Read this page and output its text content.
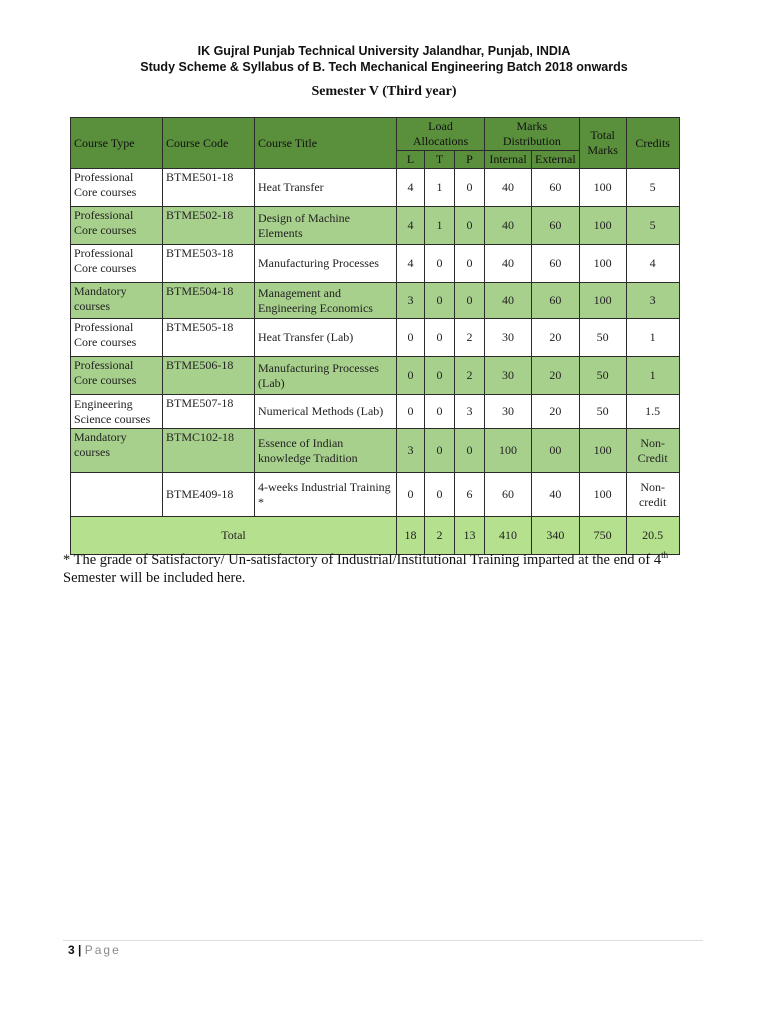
IK Gujral Punjab Technical University Jalandhar, Punjab, INDIA
Study Scheme & Syllabus of B. Tech Mechanical Engineering Batch 2018 onwards
Semester V (Third year)
Course Type	Course Code	Course Title	Load Allocations			Marks Distribution		Total Marks	Credits
			L	T	P	Internal	External		
Professional Core courses	BTME501-18	Heat Transfer	4	1	0	40	60	100	5
Professional Core courses	BTME502-18	Design of Machine Elements	4	1	0	40	60	100	5
Professional Core courses	BTME503-18	Manufacturing Processes	4	0	0	40	60	100	4
Mandatory courses	BTME504-18	Management and Engineering Economics	3	0	0	40	60	100	3
Professional Core courses	BTME505-18	Heat Transfer (Lab)	0	0	2	30	20	50	1
Professional Core courses	BTME506-18	Manufacturing Processes (Lab)	0	0	2	30	20	50	1
Engineering Science courses	BTME507-18	Numerical Methods (Lab)	0	0	3	30	20	50	1.5
Mandatory courses	BTMC102-18	Essence of Indian knowledge Tradition	3	0	0	100	00	100	Non-Credit
	BTME409-18	4-weeks Industrial Training *	0	0	6	60	40	100	Non-credit
Total			18	2	13	410	340	750	20.5
* The grade of Satisfactory/ Un-satisfactory of Industrial/Institutional Training imparted at the end of 4th Semester will be included here.
3 | Page
